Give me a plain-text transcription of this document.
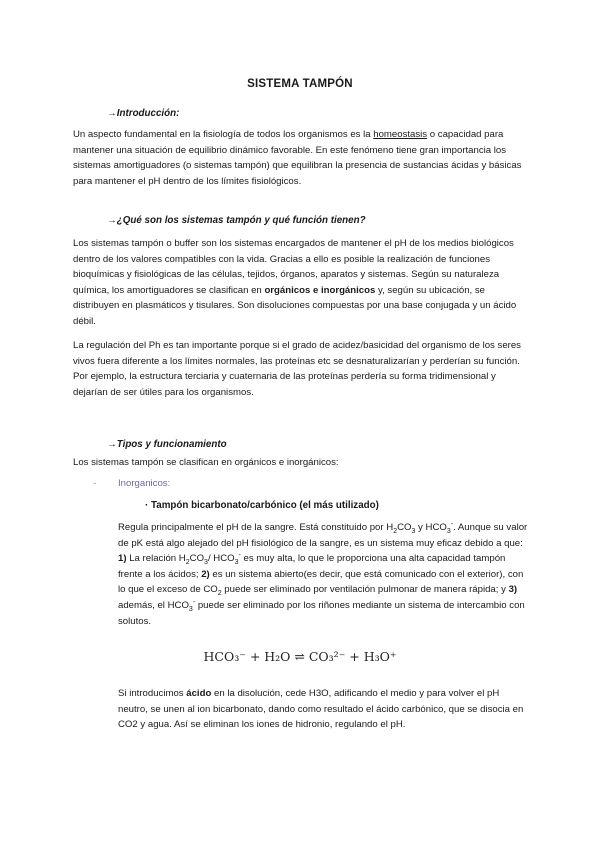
SISTEMA TAMPÓN
→Introducción:
Un aspecto fundamental en la fisiología de todos los organismos es la homeostasis o capacidad para mantener una situación de equilibrio dinámico favorable. En este fenómeno tiene gran importancia los sistemas amortiguadores (o sistemas tampón) que equilibran la presencia de sustancias ácidas y básicas para mantener el pH dentro de los límites fisiológicos.
→¿Qué son los sistemas tampón y qué función tienen?
Los sistemas tampón o buffer son los sistemas encargados de mantener el pH de los medios biológicos dentro de los valores compatibles con la vida. Gracias a ello es posible la realización de funciones bioquímicas y fisiológicas de las células, tejidos, órganos, aparatos y sistemas. Según su naturaleza química, los amortiguadores se clasifican en orgánicos e inorgánicos y, según su ubicación, se distribuyen en plasmáticos y tisulares. Son disoluciones compuestas por una base conjugada y un ácido débil.
La regulación del Ph es tan importante porque si el grado de acidez/basicidad del organismo de los seres vivos fuera diferente a los límites normales, las proteínas etc se desnaturalizarían y perderían su función. Por ejemplo, la estructura terciaria y cuaternaria de las proteínas perdería su forma tridimensional y dejarían de ser útiles para los organismos.
→Tipos y funcionamiento
Los sistemas tampón se clasifican en orgánicos e inorgánicos:
- Inorganicos:
· Tampón bicarbonato/carbónico (el más utilizado)
Regula principalmente el pH de la sangre. Está constituido por $H_2CO_3$ y $HCO_3^-$. Aunque su valor de pK está algo alejado del pH fisiológico de la sangre, es un sistema muy eficaz debido a que: 1) La relación $H_2CO_3/$ $HCO_3^-$ es muy alta, lo que le proporciona una alta capacidad tampón frente a los ácidos; 2) es un sistema abierto(es decir, que está comunicado con el exterior), con lo que el exceso de $CO_2$ puede ser eliminado por ventilación pulmonar de manera rápida; y 3) además, el $HCO_3^-$ puede ser eliminado por los riñones mediante un sistema de intercambio con solutos.
HCO₃⁻ + H₂O ⇌ CO₃²⁻ + H₃O⁺
Si introducimos ácido en la disolución, cede H3O, adificando el medio y para volver el pH neutro, se unen al ion bicarbonato, dando como resultado el ácido carbónico, que se disocia en CO2 y agua. Así se eliminan los iones de hidronio, regulando el pH.
